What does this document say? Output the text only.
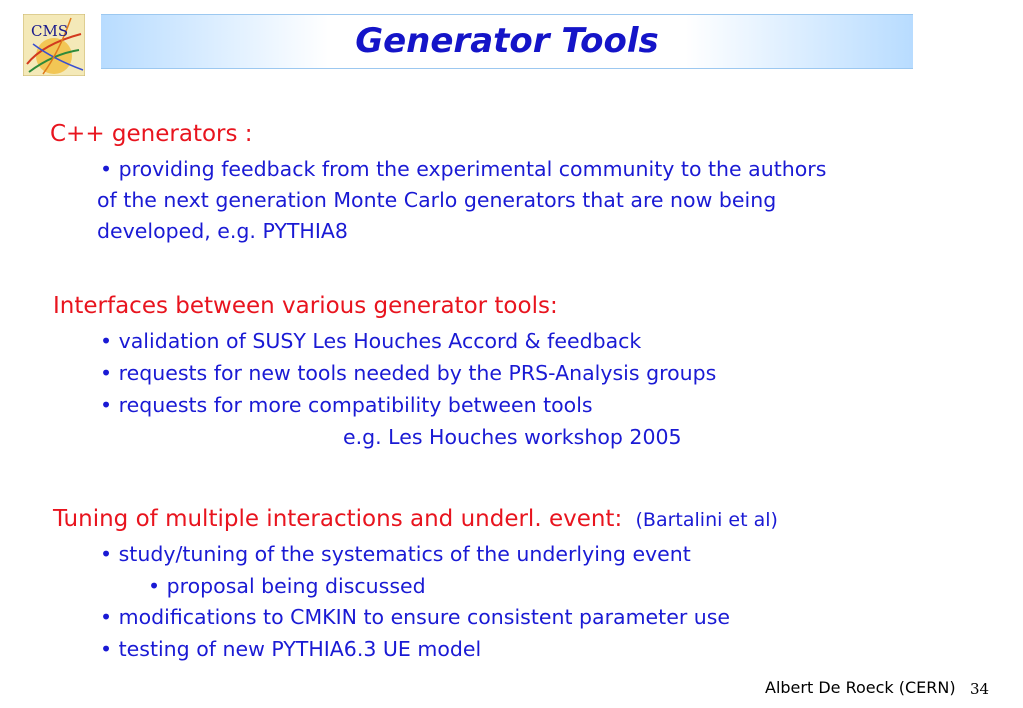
CMS	Generator Tools

C++ generators :

• providing feedback from the experimental community to the authors

of the next generation Monte Carlo generators that are now being

developed, e.g. PYTHIA8

Interfaces between various generator tools:

• validation of SUSY Les Houches Accord & feedback

• requests for new tools needed by the PRS-Analysis groups

• requests for more compatibility between tools

e.g. Les Houches workshop 2005

Tuning of multiple interactions and underl. event: (Bartalini et al)

• study/tuning of the systematics of the underlying event

• proposal being discussed

• modifications to CMKIN to ensure consistent parameter use

• testing of new PYTHIA6.3 UE model

Albert De Roeck (CERN) 34
